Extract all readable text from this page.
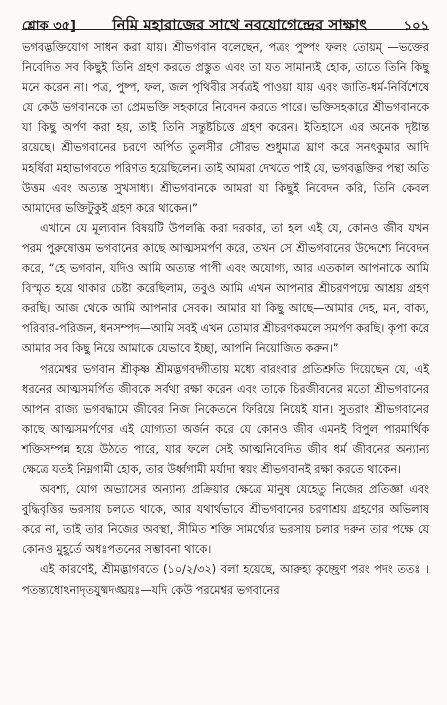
শ্লোক ৩৫] নিমি মহারাজের সাথে নবযোগেন্দ্রের সাক্ষাৎ	১০১

ভগবদ্ভক্তিযোগ সাধন করা যায়। শ্রীভগবান বলেছেন, পত্রং পুষ্পং ফলং তোয়ম্ —ভক্তের নিবেদিত সব কিছুই তিনি গ্রহণ করতে প্রস্তুত এবং তা যত সামান্যই হোক, তাতে তিনি কিছু মনে করেন না। পত্র, পুষ্প, ফল, জল পৃথিবীর সর্বত্রই পাওয়া যায় এবং জাতি-ধর্ম-নির্বিশেষে যে কেউ ভগবানকে তা প্রেমভক্তি সহকারে নিবেদন করতে পারে। ভক্তিসহকারে শ্রীভগবানকে যা কিছু অর্পণ করা হয়, তাই তিনি সন্তুষ্টচিত্তে গ্রহণ করেন। ইতিহাসে এর অনেক দৃষ্টান্ত রয়েছে। শ্রীভগবানের চরণে অর্পিত তুলসীর সৌরভ শুধুমাত্র ঘ্রাণ করে সনৎকুমার আদি মহর্ষিরা মহাভাগবতে পরিণত হয়েছিলেন। তাই আমরা দেখতে পাই যে, ভগবদ্ভক্তির পন্থা অতি উত্তম এবং অত্যন্ত সুখসাধ্য। শ্রীভগবানকে আমরা যা কিছুই নিবেদন করি, তিনি কেবল আমাদের ভক্তিটুকুই গ্রহণ করে থাকেন।”

এখানে যে মূল্যবান বিষয়টি উপলব্ধি করা দরকার, তা হল এই যে, কোনও জীব যখন পরম পুরুষোত্তম ভগবানের কাছে আত্মসমর্পণ করে, তখন সে শ্রীভগবানের উদ্দেশ্যে নিবেদন করে, “হে ভগবান, যদিও আমি অত্যন্ত পাপী এবং অযোগ্য, আর এতকাল আপনাকে আমি বিস্মৃত হয়ে থাকার চেষ্টা করেছিলাম, তবুও আমি এখন আপনার শ্রীচরণপদ্মে আশ্রয় গ্রহণ করছি। আজ থেকে আমি আপনার সেবক। আমার যা কিছু আছে—আমার দেহ, মন, বাক্য, পরিবার-পরিজন, ধনসম্পদ—আমি সবই এখন তোমার শ্রীচরণকমলে সমর্পণ করছি। কৃপা করে আমার সব কিছু নিয়ে আমাকে যেভাবে ইচ্ছা, আপনি নিয়োজিত করুন।”

পরমেশ্বর ভগবান শ্রীকৃষ্ণ শ্রীমদ্ভগবদ্গীতায় মধ্যে বারংবার প্রতিশ্রুতি দিয়েছেন যে, এই ধরনের আত্মসমর্পিত জীবকে সর্বথা রক্ষা করেন এবং তাকে চিরজীবনের মতো শ্রীভগবানের আপন রাজ্য ভগবদ্ধামে জীবের নিজ নিকেতনে ফিরিয়ে নিয়েই যান। সুতরাং শ্রীভগবানের কাছে আত্মসমর্পণের এই যোগ্যতা অর্জন করে যে কোনও জীব এমনই বিপুল পারমার্থিক শক্তিসম্পন্ন হয়ে উঠতে পারে, যার ফলে সেই আত্মনিবেদিত জীব ধর্ম জীবনের অন্যান্য ক্ষেত্রে যতই নিম্নগামী হোক, তার উর্ধ্বগামী মর্যাদা স্বয়ং শ্রীভগবানই রক্ষা করতে থাকেন।

অবশ্য, যোগ অভ্যাসের অন্যান্য প্রক্রিয়ার ক্ষেত্রে মানুষ যেহেতু নিজের প্রতিজ্ঞা এবং বুদ্ধিবৃত্তির ভরসায় চলতে থাকে, আর যথার্থভাবে শ্রীভগবানের চরণাশ্রয় গ্রহণের অভিলাষ করে না, তাই তার নিজের অবস্থা, সীমিত শক্তি সামর্থ্যের ভরসায় চলার দরুন তার পক্ষে যে কোনও মুহূর্তে অধঃপতনের সম্ভাবনা থাকে।

এই কারণেই, শ্রীমদ্ভাগবতে (১০/২/৩২) বলা হয়েছে, আরুহ্য কৃচ্ছ্রেণ পরং পদং ততঃ । পতন্ত্যধোঽনাদৃতযুষ্মদঙ্ঘ্রয়ঃ—যদি কেউ পরমেশ্বর ভগবানের
